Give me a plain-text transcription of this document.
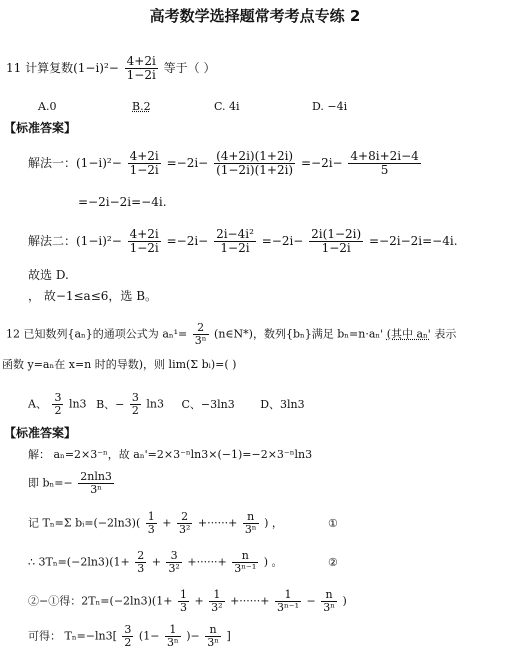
高考数学选择题常考考点专练 2
11 计算复数$(1-i)^2- \frac{4+2i}{1-2i}$ 等于（ ）
A.0	B.2	C. 4i	D. −4i
【标准答案】
解法一：$(1-i)^2- \frac{4+2i}{1-2i} =-2i- \frac{(4+2i)(1+2i)}{(1-2i)(1+2i)} =-2i- \frac{4+8i+2i-4}{5}$
=−2i−2i=−4i.
解法二：$(1-i)^2- \frac{4+2i}{1-2i} =-2i- \frac{\text{2i−4i²}}{1-2i} =-2i- \frac{2i(1-2i)}{1-2i} =-2i-2i=-4i$.
故选 D.
， 故−1≤a≤6，选 B。
12 已知数列{aₙ}的通项公式为 $a_n^1= \frac{2}{\text{3ⁿ}}$ (n∈N*)，数列{bₙ}满足 bₙ=n·aₙ' (其中 aₙ' 表示
函数 y=aₙ在 x=n 时的导数)，则 lim(Σ bᵢ)=( )
A、 $\frac{3}{2} \ln 3$ B、− $\frac{3}{2} \ln 3$ C、−3ln3 D、3ln3
【标准答案】
解： aₙ=2×3⁻ⁿ，故 aₙ'=2×3⁻ⁿln3×(−1)=−2×3⁻ⁿln3
即 $b_n=- \frac{2nln3}{\text{3ⁿ}}$
记 Tₙ=Σ bᵢ=(−2ln3)( $\frac{1}{3} + \frac{2}{\text{3²}}$ +······+ $\frac{n}{\text{3ⁿ}}$ ) ，	①
∴ $3T_n=(-2\ln 3)(1+ \frac{2}{3} + \frac{3}{\text{3²}}$ +······+ $\frac{n}{\text{3ⁿ⁻¹}}$ ) 。	②
②−①得：$2T_n=(-2\ln 3)(1+ \frac{1}{3} + \frac{1}{\text{3²}}$ +······+ $\frac{1}{\text{3ⁿ⁻¹}} - \frac{n}{\text{3ⁿ}}$ )
可得： $T_n=-\ln 3[ \frac{3}{2} (1- \frac{1}{\text{3ⁿ}}$ )− $\frac{n}{\text{3ⁿ}}$ ]
